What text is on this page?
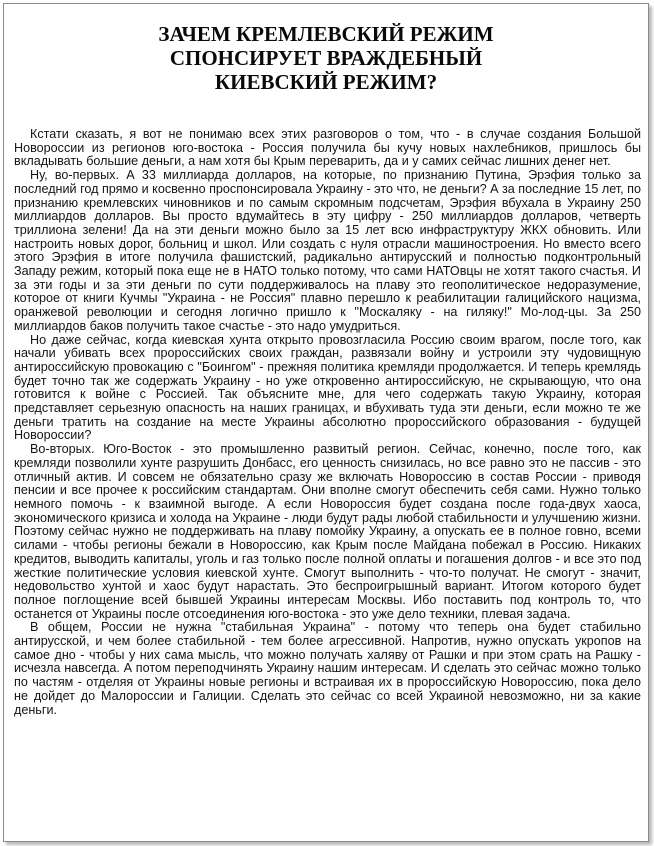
ЗАЧЕМ КРЕМЛЕВСКИЙ РЕЖИМ
СПОНСИРУЕТ ВРАЖДЕБНЫЙ
КИЕВСКИЙ РЕЖИМ?

Кстати сказать, я вот не понимаю всех этих разговоров о том, что - в случае создания Большой Новороссии из регионов юго-востока - Россия получила бы кучу новых нахлебников, пришлось бы вкладывать большие деньги, а нам хотя бы Крым переварить, да и у самих сейчас лишних денег нет.

Ну, во-первых. А 33 миллиарда долларов, на которые, по признанию Путина, Эрэфия только за последний год прямо и косвенно проспонсировала Украину - это что, не деньги? А за последние 15 лет, по признанию кремлевских чиновников и по самым скромным подсчетам, Эрэфия вбухала в Украину 250 миллиардов долларов. Вы просто вдумайтесь в эту цифру - 250 миллиардов долларов, четверть триллиона зелени! Да на эти деньги можно было за 15 лет всю инфраструктуру ЖКХ обновить. Или настроить новых дорог, больниц и школ. Или создать с нуля отрасли машиностроения. Но вместо всего этого Эрэфия в итоге получила фашистский, радикально антирусский и полностью подконтрольный Западу режим, который пока еще не в НАТО только потому, что сами НАТОвцы не хотят такого счастья. И за эти годы и за эти деньги по сути поддерживалось на плаву это геополитическое недоразумение, которое от книги Кучмы "Украина - не Россия" плавно перешло к реабилитации галицийского нацизма, оранжевой революции и сегодня логично пришло к "Москаляку - на гиляку!" Мо-лод-цы. За 250 миллиардов баков получить такое счастье - это надо умудриться.

Но даже сейчас, когда киевская хунта открыто провозгласила Россию своим врагом, после того, как начали убивать всех пророссийских своих граждан, развязали войну и устроили эту чудовищную антироссийскую провокацию с "Боингом" - прежняя политика кремляди продолжается. И теперь кремлядь будет точно так же содержать Украину - но уже откровенно антироссийскую, не скрывающую, что она готовится к войне с Россией. Так объясните мне, для чего содержать такую Украину, которая представляет серьезную опасность на наших границах, и вбухивать туда эти деньги, если можно те же деньги тратить на создание на месте Украины абсолютно пророссийского образования - будущей Новороссии?

Во-вторых. Юго-Восток - это промышленно развитый регион. Сейчас, конечно, после того, как кремляди позволили хунте разрушить Донбасс, его ценность снизилась, но все равно это не пассив - это отличный актив. И совсем не обязательно сразу же включать Новороссию в состав России - приводя пенсии и все прочее к российским стандартам. Они вполне смогут обеспечить себя сами. Нужно только немного помочь - к взаимной выгоде. А если Новороссия будет создана после года-двух хаоса, экономического кризиса и холода на Украине - люди будут рады любой стабильности и улучшению жизни. Поэтому сейчас нужно не поддерживать на плаву помойку Украину, а опускать ее в полное говно, всеми силами - чтобы регионы бежали в Новороссию, как Крым после Майдана побежал в Россию. Никаких кредитов, выводить капиталы, уголь и газ только после полной оплаты и погашения долгов - и все это под жесткие политические условия киевской хунте. Смогут выполнить - что-то получат. Не смогут - значит, недовольство хунтой и хаос будут нарастать. Это беспроигрышный вариант. Итогом которого будет полное поглощение всей бывшей Украины интересам Москвы. Ибо поставить под контроль то, что останется от Украины после отсоединения юго-востока - это уже дело техники, плевая задача.

В общем, России не нужна "стабильная Украина" - потому что теперь она будет стабильно антирусской, и чем более стабильной - тем более агрессивной. Напротив, нужно опускать укропов на самое дно - чтобы у них сама мысль, что можно получать халяву от Рашки и при этом срать на Рашку - исчезла навсегда. А потом переподчинять Украину нашим интересам. И сделать это сейчас можно только по частям - отделяя от Украины новые регионы и встраивая их в пророссийскую Новороссию, пока дело не дойдет до Малороссии и Галиции. Сделать это сейчас со всей Украиной невозможно, ни за какие деньги.
